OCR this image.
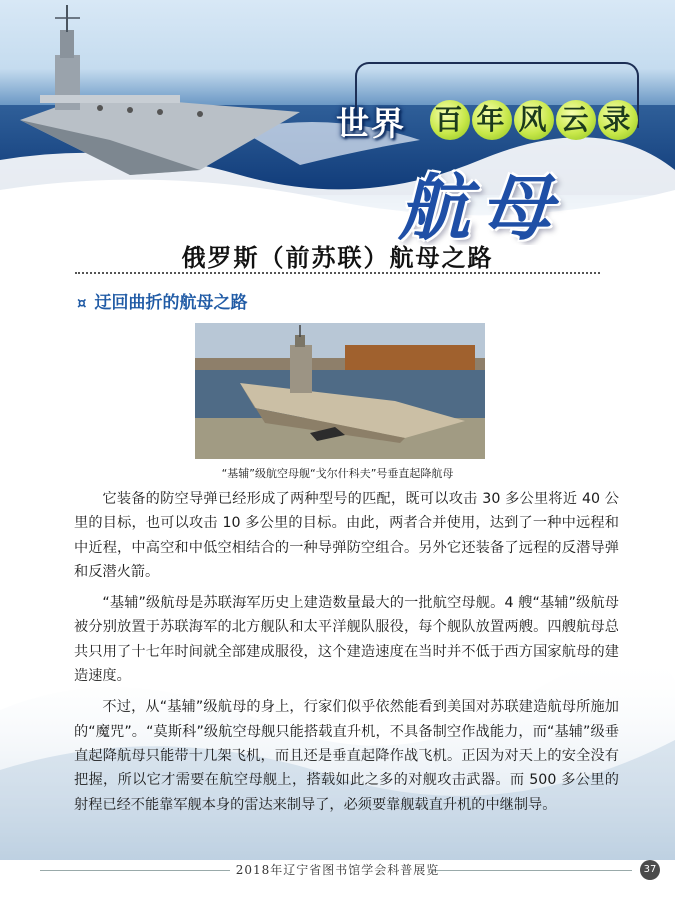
世界 百 年 风 云 录
航母
俄罗斯（前苏联）航母之路
¤ 迂回曲折的航母之路
“基辅”级航空母舰“戈尔什科夫”号垂直起降航母

它装备的防空导弹已经形成了两种型号的匹配，既可以攻击 30 多公里将近 40 公里的目标，也可以攻击 10 多公里的目标。由此，两者合并使用，达到了一种中远程和中近程，中高空和中低空相结合的一种导弹防空组合。另外它还装备了远程的反潜导弹和反潜火箭。

“基辅”级航母是苏联海军历史上建造数量最大的一批航空母舰。4 艘“基辅”级航母被分别放置于苏联海军的北方舰队和太平洋舰队服役，每个舰队放置两艘。四艘航母总共只用了十七年时间就全部建成服役，这个建造速度在当时并不低于西方国家航母的建造速度。

不过，从“基辅”级航母的身上，行家们似乎依然能看到美国对苏联建造航母所施加的“魔咒”。“莫斯科”级航空母舰只能搭载直升机，不具备制空作战能力，而“基辅”级垂直起降航母只能带十几架飞机，而且还是垂直起降作战飞机。正因为对天上的安全没有把握，所以它才需要在航空母舰上，搭载如此之多的对舰攻击武器。而 500 多公里的射程已经不能靠军舰本身的雷达来制导了，必须要靠舰载直升机的中继制导。

2018年辽宁省图书馆学会科普展览	37
